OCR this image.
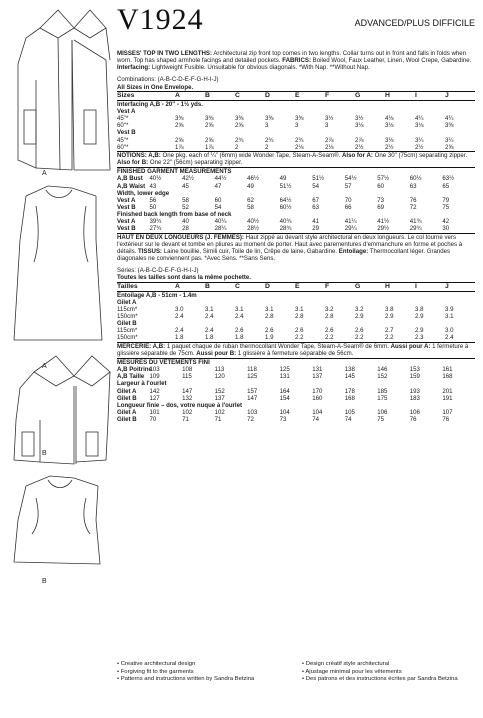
A
A
B
B
V1924	ADVANCED/PLUS DIFFICILE

MISSES' TOP IN TWO LENGTHS: Architectural zip front top comes in two lengths. Collar turns out in front and falls in folds when worn. Top has shaped armhole facings and detailed pockets. FABRICS: Boiled Wool, Faux Leather, Linen, Wool Crepe, Gabardine. Interfacing: Lightweight Fusible. Unsuitable for obvious diagonals. *With Nap. **Without Nap.

Combinations: (A-B-C-D-E-F-G-H-I-J)
All Sizes in One Envelope.
Sizes	A	B	C	D	E	F	G	H	I	J
Interfacing A,B - 20" - 1½ yds.										
Vest A										
45"*	3⅜	3⅜	3⅜	3⅜	3⅜	3½	3½	4⅛	4¼	4¼
60"*	2⅝	2⅝	2⅝	3	3	3	3⅛	3⅛	3⅛	3⅜
Vest B										
45"*	2⅝	2⅝	2¾	2¾	2¾	2⅞	2⅞	3⅛	3¼	3¼
60"*	1⅞	1⅞	2	2	2⅛	2⅛	2½	2½	2½	2⅝
NOTIONS: A,B: One pkg. each of ¼" (6mm) wide Wonder Tape, Steam-A-Seam®. Also for A: One 30" (75cm) separating zipper. Also for B: One 22" (56cm) separating zipper.
FINISHED GARMENT MEASUREMENTS										
A,B Bust	40½	42½	44½	46½	49	51½	54½	57½	60½	63½
A,B Waist	43	45	47	49	51½	54	57	60	63	65
Width, lower edge										
Vest A	56	58	60	62	64½	67	70	73	76	79
Vest B	50	52	54	58	60½	63	66	69	72	75
Finished back length from base of neck										
Vest A	39¾	40	40¼	40½	40¾	41	41¼	41½	41¾	42
Vest B	27¾	28	28¼	28½	28¾	29	29¼	29½	29¾	30

HAUT EN DEUX LONGUEURS (J. FEMMES): Haut zippé au devant style architectural en deux longueurs. Le col tourne vers l'extérieur sur le devant et tombe en pliures au moment de porter. Haut avec parementures d'emmanchure en forme et poches à détails. TISSUS: Laine bouillie, Simili cuir, Toile de lin, Crêpe de laine, Gabardine. Entoilage: Thermocollant léger. Grandes diagonales ne conviennent pas. *Avec Sens. **Sans Sens.

Séries: (A-B-C-D-E-F-G-H-I-J)
Toutes les tailles sont dans la même pochette.
Tailles	A	B	C	D	E	F	G	H	I	J
Entoilage A,B - 51cm - 1.4m										
Gilet A										
115cm*	3.0	3.1	3.1	3.1	3.1	3.2	3.2	3.8	3.8	3.9
150cm*	2.4	2.4	2.4	2.8	2.8	2.8	2.9	2.9	2.9	3.1
Gilet B										
115cm*	2.4	2.4	2.6	2.6	2.6	2.6	2.6	2.7	2.9	3.0
150cm*	1.8	1.8	1.8	1.9	2.2	2.2	2.2	2.2	2.3	2.4
MERCERIE: A,B: 1 paquet chaque de ruban thermocollant Wonder Tape, Steam-A-Seam® de 6mm. Aussi pour A: 1 fermeture à glissière séparable de 75cm. Aussi pour B: 1 glissière à fermeture séparable de 56cm.
MESURES DU VÊTEMENTS FINI										
A,B Poitrine	103	108	113	118	125	131	138	146	153	161
A,B Taille	109	115	120	125	131	137	145	152	159	168
Largeur à l'ourlet										
Gilet A	142	147	152	157	164	170	178	185	193	201
Gilet B	127	132	137	147	154	160	168	175	183	191
Longueur finie – dos, votre nuque à l'ourlet										
Gilet A	101	102	102	103	104	104	105	106	106	107
Gilet B	70	71	71	72	73	74	74	75	76	76
• Creative architectural design
• Forgiving fit to the garments
• Patterns and instructions written by Sandra Betzina
• Design créatif style architectural
• Ajustage minimal pour les vêtements
• Des patrons et des instructions écrites par Sandra Betzina
